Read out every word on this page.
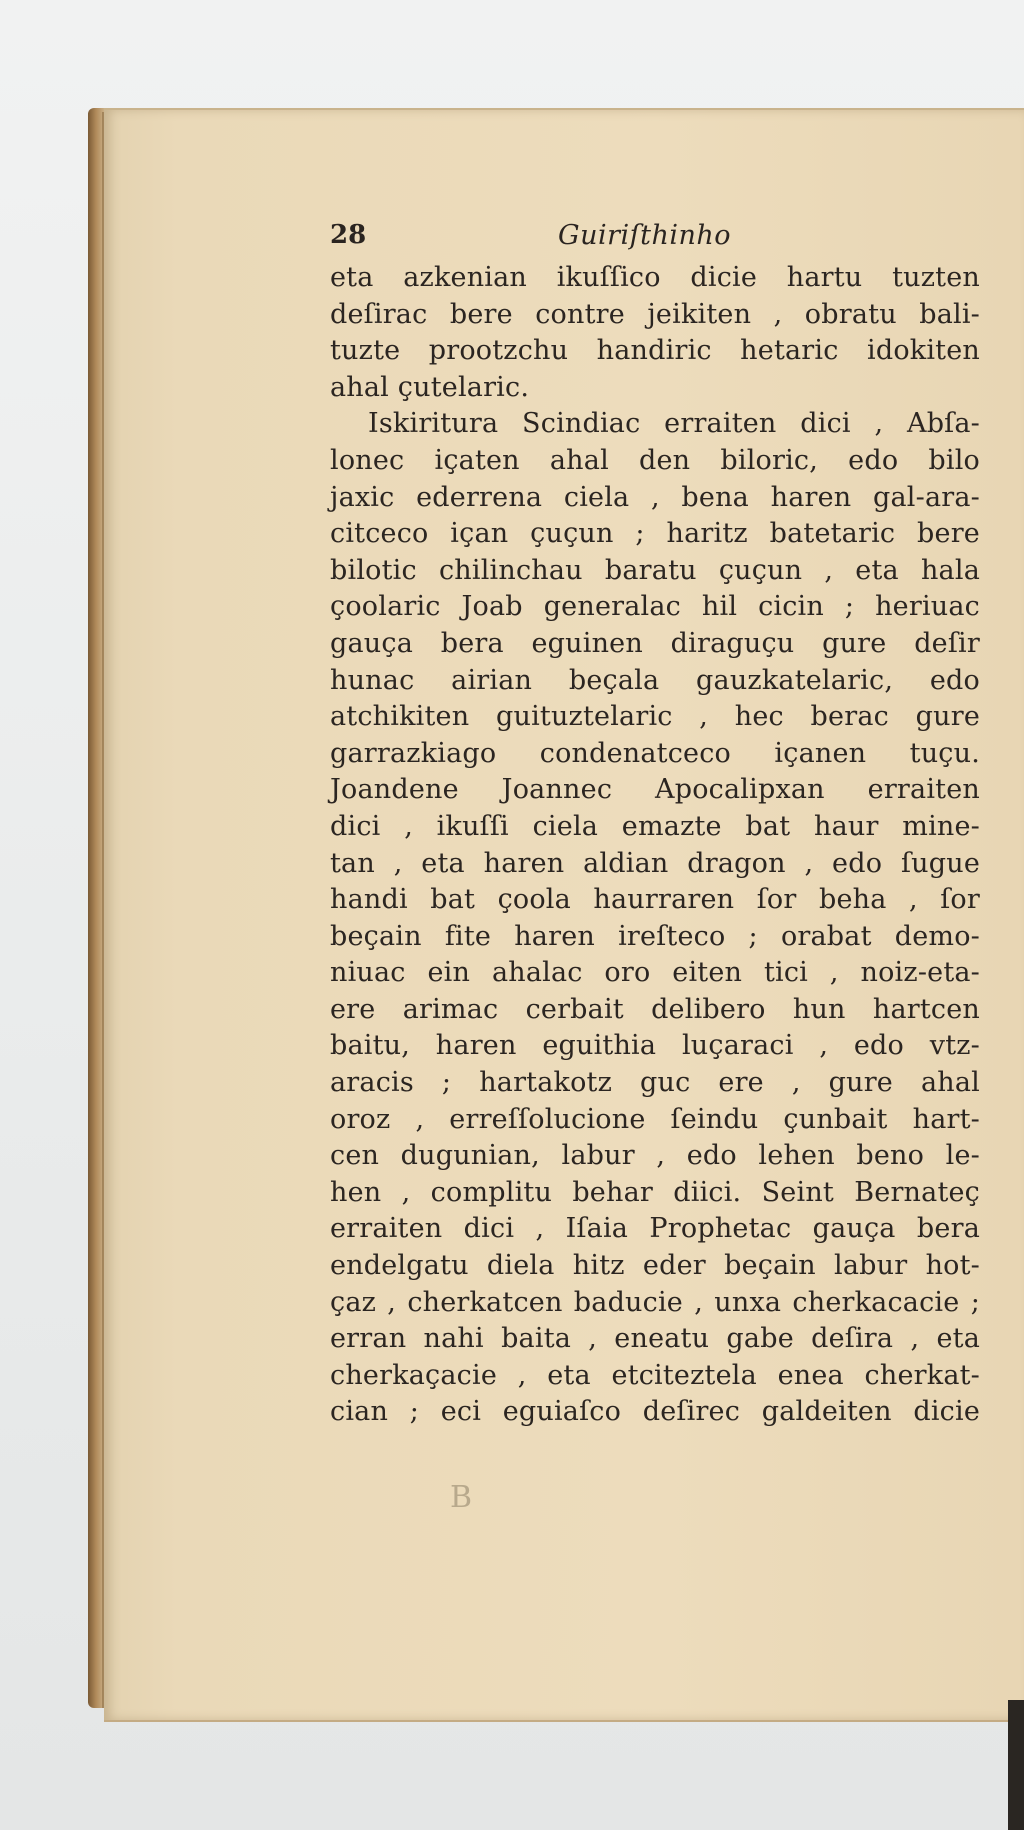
28	Guiriſthinho
eta azkenian ikuſſico dicie hartu tuzten
deſirac bere contre jeikiten , obratu bali-
tuzte prootzchu handiric hetaric idokiten
ahal çutelaric.
Iskiritura Scindiac erraiten dici , Abſa-
lonec içaten ahal den biloric, edo bilo
jaxic ederrena ciela , bena haren gal-ara-
citceco içan çuçun ; haritz batetaric bere
bilotic chilinchau baratu çuçun , eta hala
çoolaric Joab generalac hil cicin ; heriuac
gauça bera eguinen diraguçu gure deſir
hunac airian beçala gauzkatelaric, edo
atchikiten guituztelaric , hec berac gure
garrazkiago condenatceco içanen tuçu.
Joandene Joannec Apocalipxan erraiten
dici , ikuſſi ciela emazte bat haur mine-
tan , eta haren aldian dragon , edo ſugue
handi bat çoola haurraren ſor beha , ſor
beçain fite haren ireſteco ; orabat demo-
niuac ein ahalac oro eiten tici , noiz-eta-
ere arimac cerbait delibero hun hartcen
baitu, haren eguithia luçaraci , edo vtz-
aracis ; hartakotz guc ere , gure ahal
oroz , erreſſolucione ſeindu çunbait hart-
cen dugunian, labur , edo lehen beno le-
hen , complitu behar diici. Seint Bernateç
erraiten dici , Iſaia Prophetac gauça bera
endelgatu diela hitz eder beçain labur hot-
çaz , cherkatcen baducie , unxa cherkacacie ;
erran nahi baita , eneatu gabe deſira , eta
cherkaçacie , eta etciteztela enea cherkat-
cian ; eci eguiaſco deſirec galdeiten dicie
B
